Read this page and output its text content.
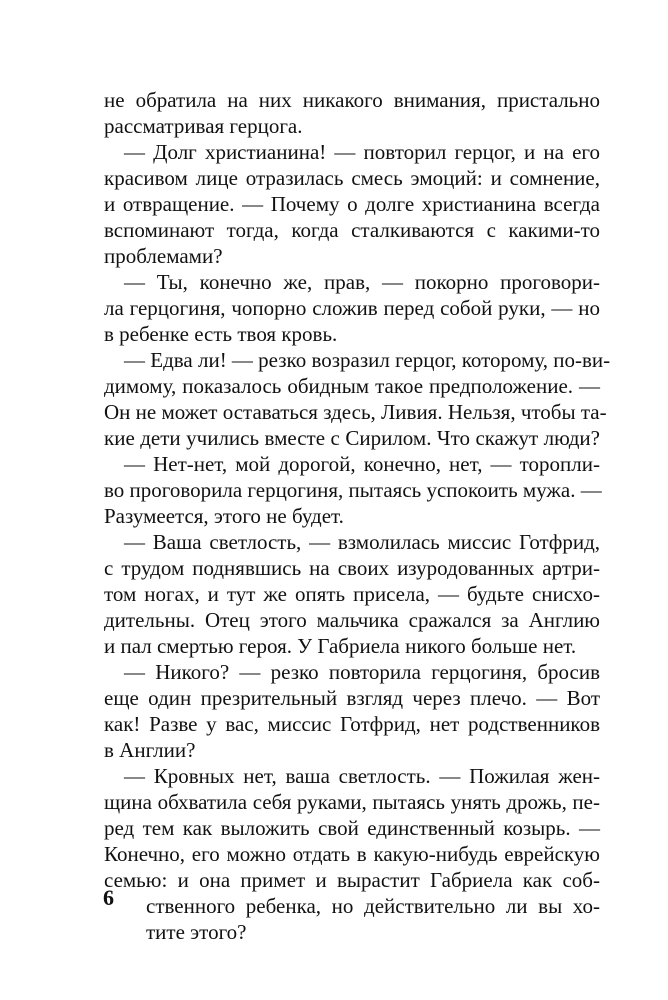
не обратила на них никакого внимания, пристально
рассматривая герцога.
— Долг христианина! — повторил герцог, и на его
красивом лице отразилась смесь эмоций: и сомнение,
и отвращение. — Почему о долге христианина всегда
вспоминают тогда, когда сталкиваются с какими-то
проблемами?
— Ты, конечно же, прав, — покорно проговори-
ла герцогиня, чопорно сложив перед собой руки, — но
в ребенке есть твоя кровь.
— Едва ли! — резко возразил герцог, которому, по-ви-
димому, показалось обидным такое предположение. —
Он не может оставаться здесь, Ливия. Нельзя, чтобы та-
кие дети учились вместе с Сирилом. Что скажут люди?
— Нет-нет, мой дорогой, конечно, нет, — торопли-
во проговорила герцогиня, пытаясь успокоить мужа. —
Разумеется, этого не будет.
— Ваша светлость, — взмолилась миссис Готфрид,
с трудом поднявшись на своих изуродованных артри-
том ногах, и тут же опять присела, — будьте снисхо-
дительны. Отец этого мальчика сражался за Англию
и пал смертью героя. У Габриела никого больше нет.
— Никого? — резко повторила герцогиня, бросив
еще один презрительный взгляд через плечо. — Вот
как! Разве у вас, миссис Готфрид, нет родственников
в Англии?
— Кровных нет, ваша светлость. — Пожилая жен-
щина обхватила себя руками, пытаясь унять дрожь, пе-
ред тем как выложить свой единственный козырь. —
Конечно, его можно отдать в какую-нибудь еврейскую
семью: и она примет и вырастит Габриела как соб-
ственного ребенка, но действительно ли вы хо-
тите этого?
6
